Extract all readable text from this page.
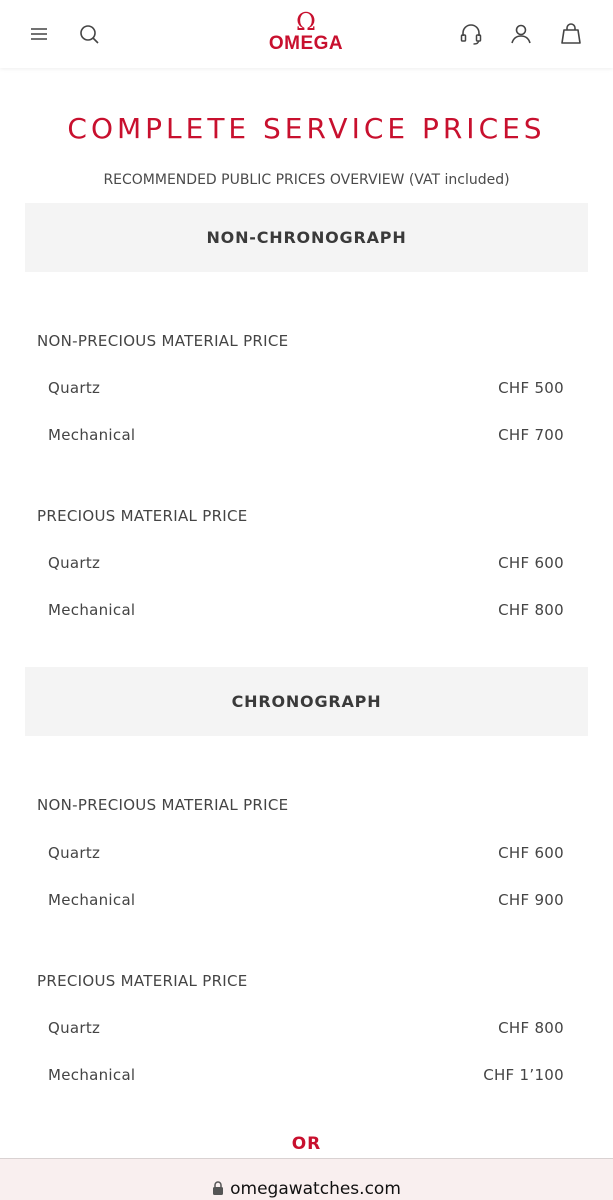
Ω
OMEGA
COMPLETE SERVICE PRICES
RECOMMENDED PUBLIC PRICES OVERVIEW (VAT included)
NON-CHRONOGRAPH
NON-PRECIOUS MATERIAL PRICE
Quartz	CHF 500
Mechanical	CHF 700
PRECIOUS MATERIAL PRICE
Quartz	CHF 600
Mechanical	CHF 800
CHRONOGRAPH
NON-PRECIOUS MATERIAL PRICE
Quartz	CHF 600
Mechanical	CHF 900
PRECIOUS MATERIAL PRICE
Quartz	CHF 800
Mechanical	CHF 1’100
OR
omegawatches.com
